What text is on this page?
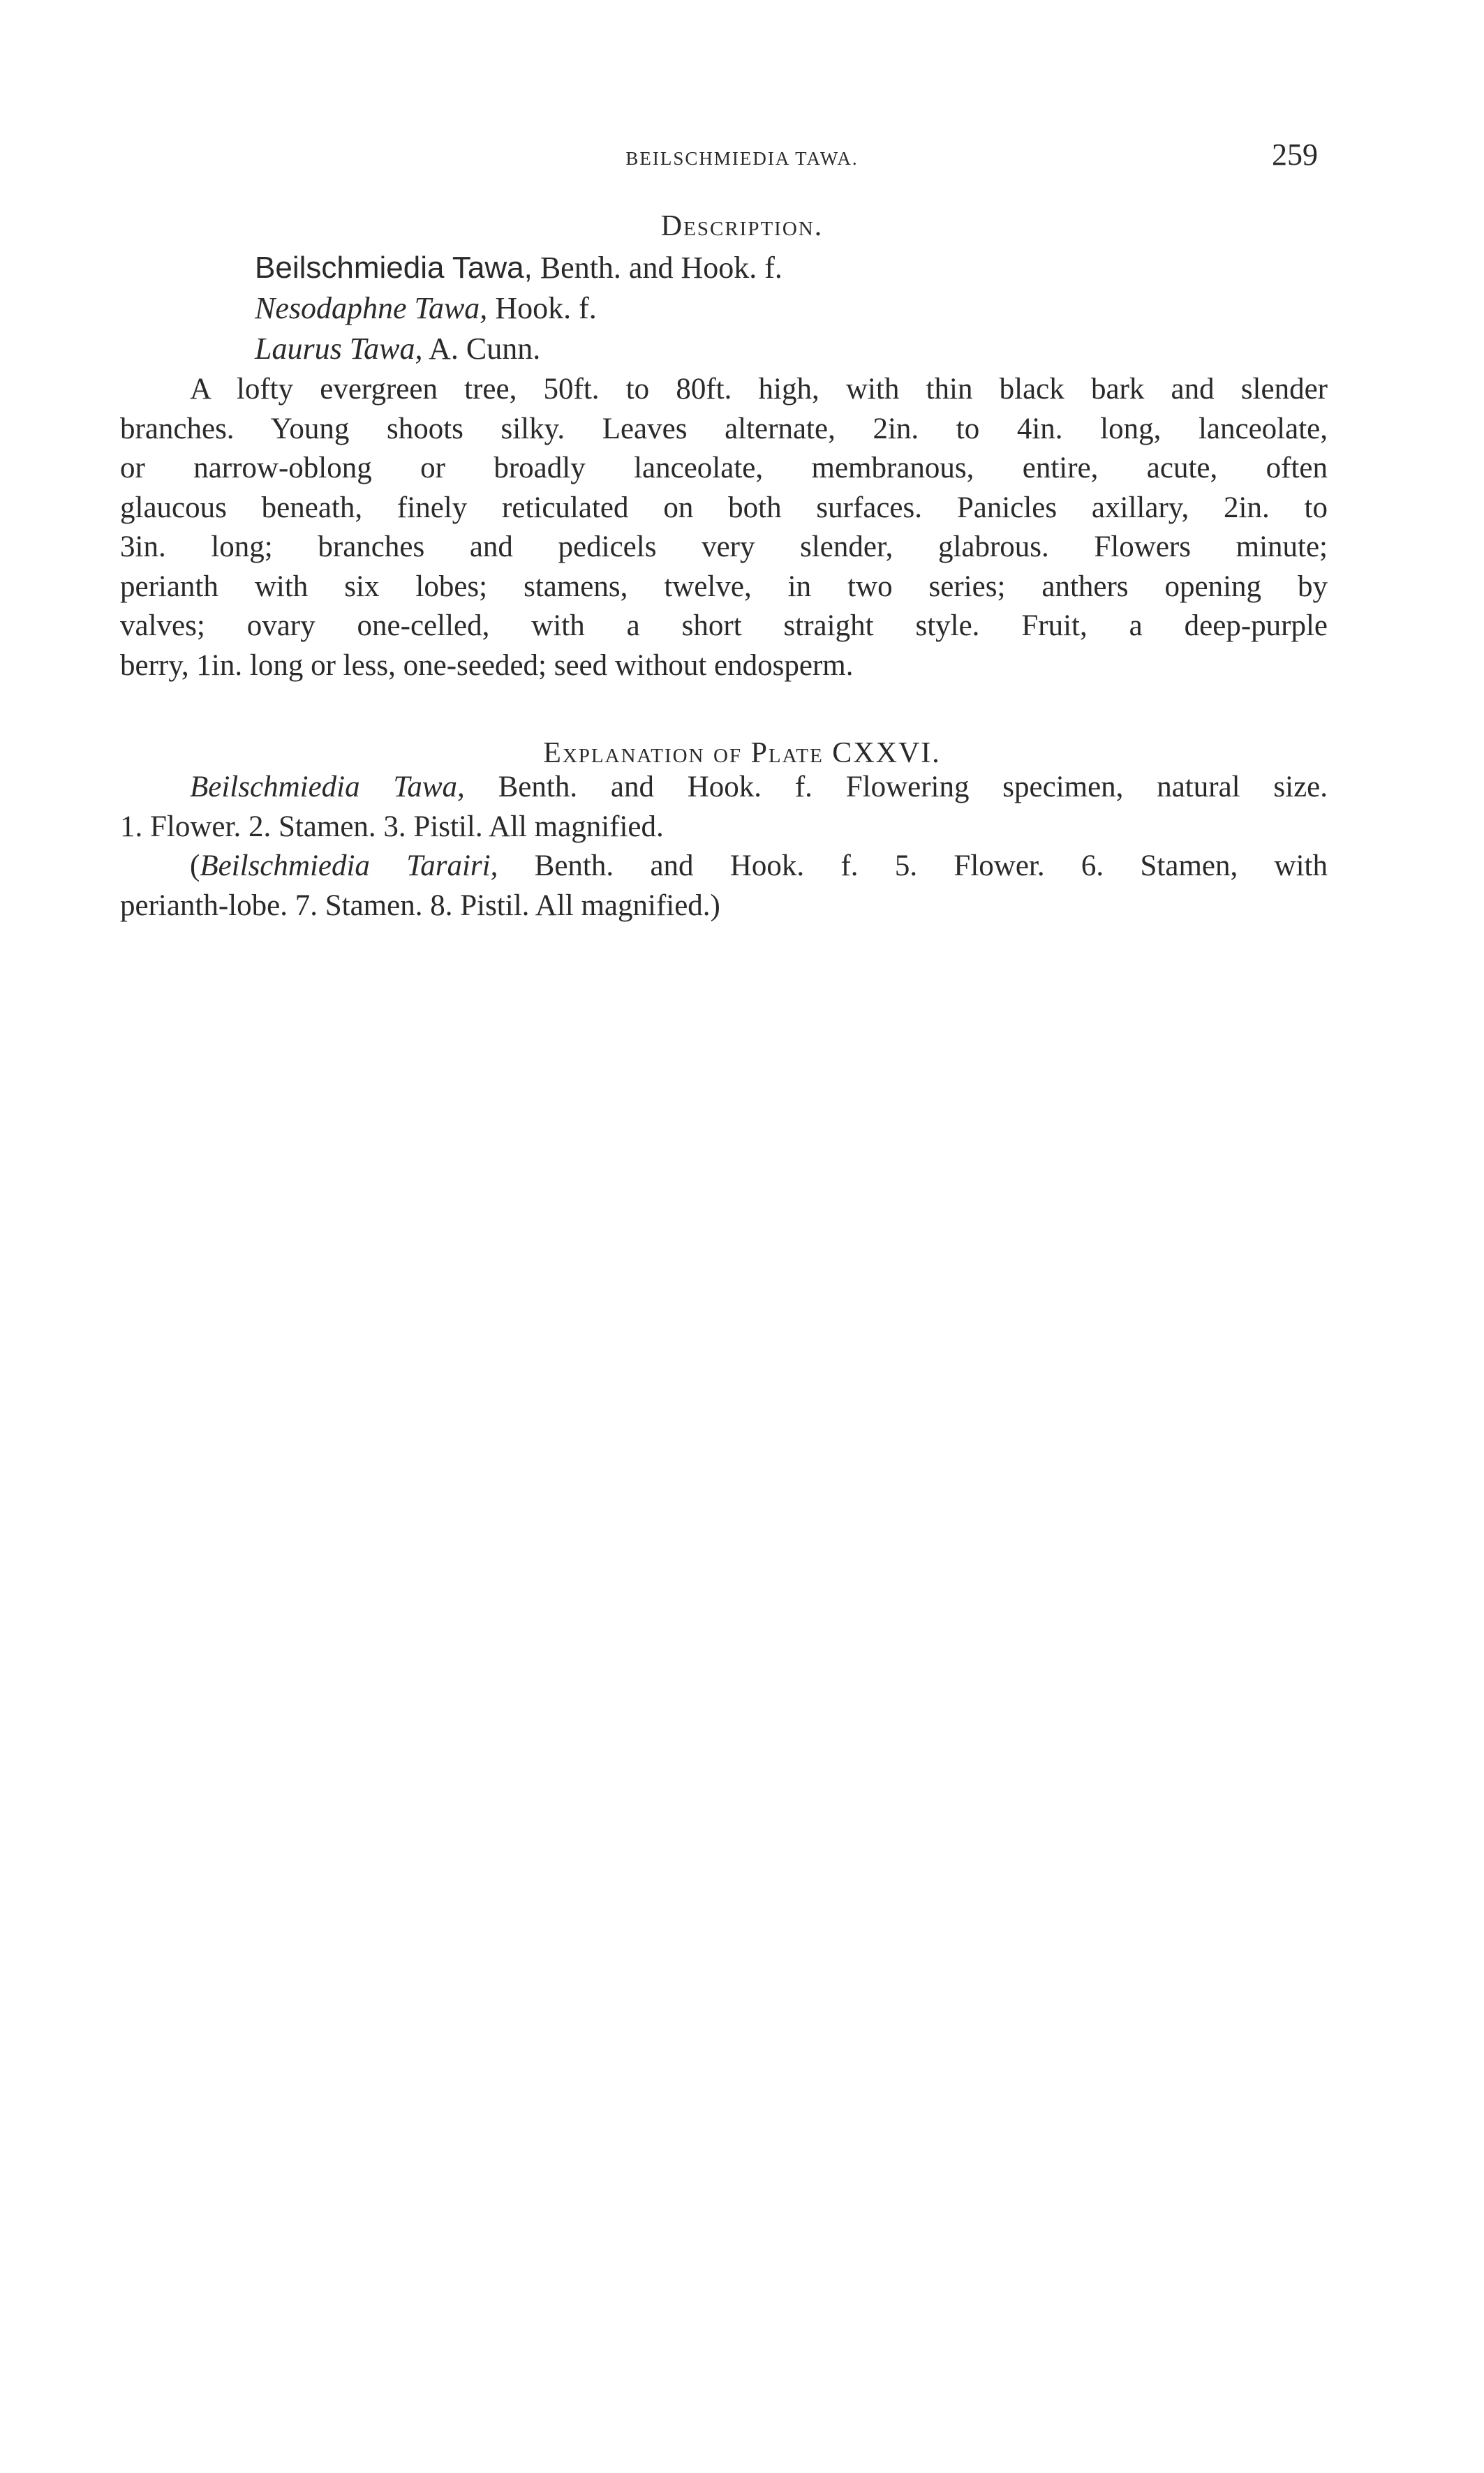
BEILSCHMIEDIA TAWA.	259
Description.
Beilschmiedia Tawa, Benth. and Hook. f.
Nesodaphne Tawa, Hook. f.
Laurus Tawa, A. Cunn.
A lofty evergreen tree, 50ft. to 80ft. high, with thin black bark and slender
branches. Young shoots silky. Leaves alternate, 2in. to 4in. long, lanceolate,
or narrow-oblong or broadly lanceolate, membranous, entire, acute, often
glaucous beneath, finely reticulated on both surfaces. Panicles axillary, 2in. to
3in. long; branches and pedicels very slender, glabrous. Flowers minute;
perianth with six lobes; stamens, twelve, in two series; anthers opening by
valves; ovary one-celled, with a short straight style. Fruit, a deep-purple
berry, 1in. long or less, one-seeded; seed without endosperm.
Explanation of Plate CXXVI.
Beilschmiedia Tawa, Benth. and Hook. f. Flowering specimen, natural size.
1. Flower. 2. Stamen. 3. Pistil. All magnified.
(Beilschmiedia Tarairi, Benth. and Hook. f. 5. Flower. 6. Stamen, with
perianth-lobe. 7. Stamen. 8. Pistil. All magnified.)
